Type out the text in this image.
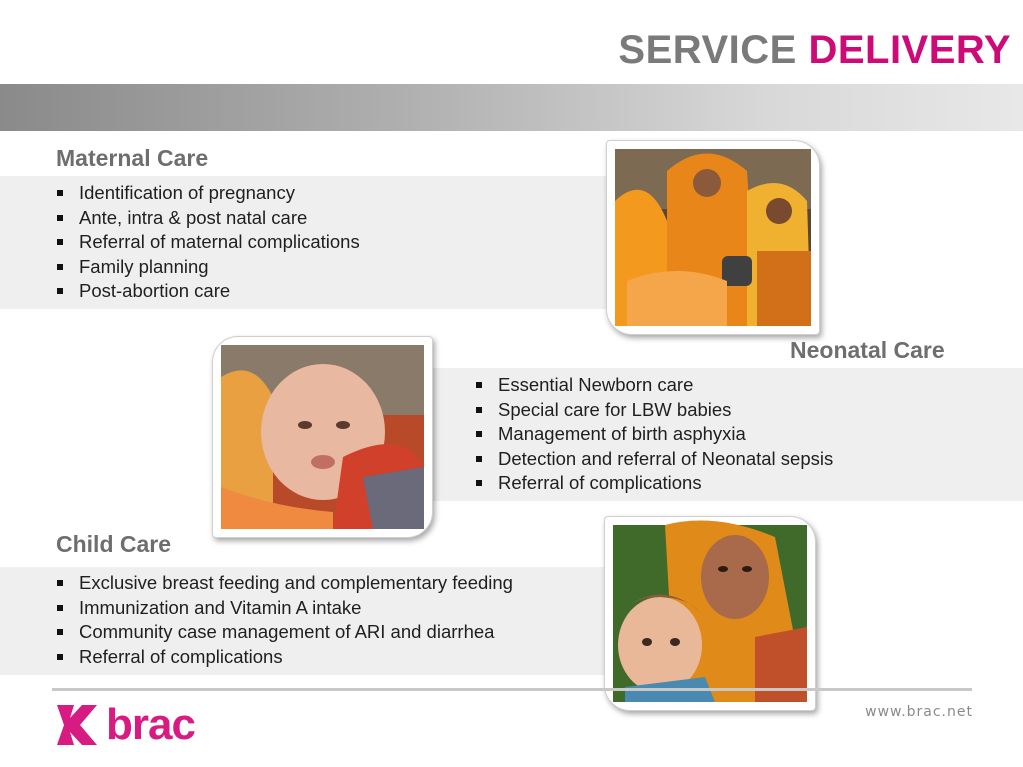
SERVICE DELIVERY
Maternal Care
Identification of pregnancy
Ante, intra & post natal care
Referral of maternal complications
Family planning
Post-abortion care
Neonatal Care
Essential Newborn care
Special care for LBW babies
Management of birth asphyxia
Detection and referral of Neonatal sepsis
Referral of complications
Child Care
Exclusive breast feeding and complementary feeding
Immunization and Vitamin A intake
Community case management of ARI and diarrhea
Referral of complications
brac	www.brac.net
